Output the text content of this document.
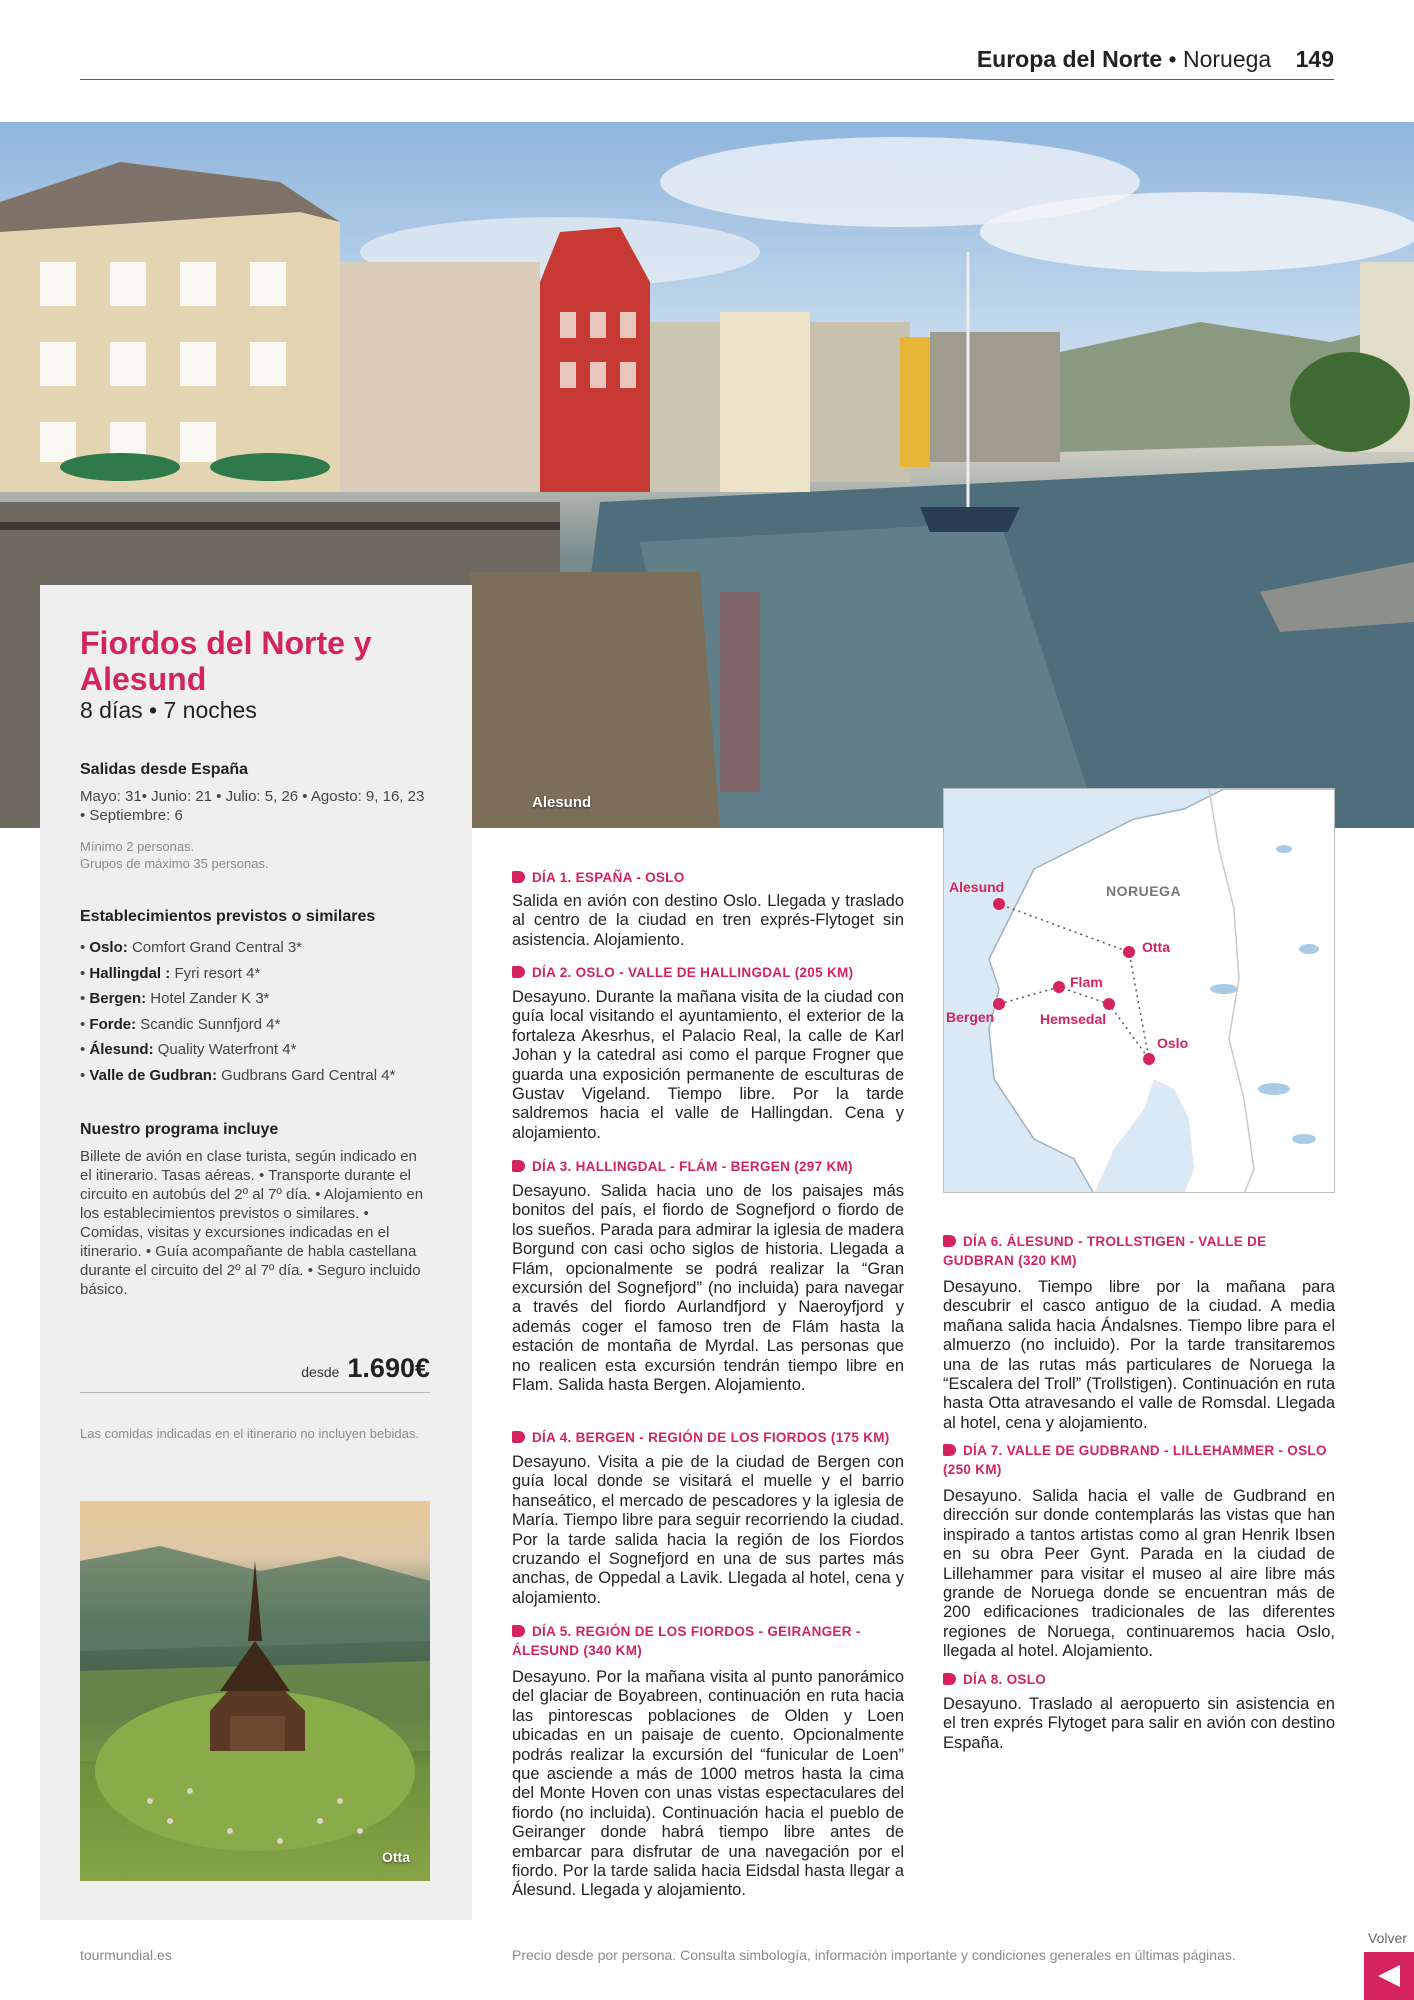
Europa del Norte • Noruega 149
Alesund
Fiordos del Norte y Alesund
8 días • 7 noches
Salidas desde España
Mayo: 31• Junio: 21 • Julio: 5, 26 • Agosto: 9, 16, 23 • Septiembre: 6
Mínimo 2 personas.
Grupos de máximo 35 personas.
Establecimientos previstos o similares
• Oslo: Comfort Grand Central 3*
• Hallingdal : Fyri resort 4*
• Bergen: Hotel Zander K 3*
• Forde: Scandic Sunnfjord 4*
• Álesund: Quality Waterfront 4*
• Valle de Gudbran: Gudbrans Gard Central 4*
Nuestro programa incluye
Billete de avión en clase turista, según indicado en el itinerario. Tasas aéreas. • Transporte durante el circuito en autobús del 2º al 7º día. • Alojamiento en los establecimientos previstos o similares. • Comidas, visitas y excursiones indicadas en el itinerario. • Guía acompañante de habla castellana durante el circuito del 2º al 7º día. • Seguro incluido básico.
desde 1.690€
Las comidas indicadas en el itinerario no incluyen bebidas.
Otta
DÍA 1. ESPAÑA - OSLO
Salida en avión con destino Oslo. Llegada y traslado al centro de la ciudad en tren exprés-Flytoget sin asistencia. Alojamiento.
DÍA 2. OSLO - VALLE DE HALLINGDAL (205 KM)
Desayuno. Durante la mañana visita de la ciudad con guía local visitando el ayuntamiento, el exterior de la fortaleza Akesrhus, el Palacio Real, la calle de Karl Johan y la catedral asi como el parque Frogner que guarda una exposición permanente de esculturas de Gustav Vigeland. Tiempo libre. Por la tarde saldremos hacia el valle de Hallingdan. Cena y alojamiento.
DÍA 3. HALLINGDAL - FLÁM - BERGEN (297 KM)
Desayuno. Salida hacia uno de los paisajes más bonitos del país, el fiordo de Sognefjord o fiordo de los sueños. Parada para admirar la iglesia de madera Borgund con casi ocho siglos de historia. Llegada a Flám, opcionalmente se podrá realizar la “Gran excursión del Sognefjord” (no incluida) para navegar a través del fiordo Aurlandfjord y Naeroyfjord y además coger el famoso tren de Flám hasta la estación de montaña de Myrdal. Las personas que no realicen esta excursión tendrán tiempo libre en Flam. Salida hasta Bergen. Alojamiento.
DÍA 4. BERGEN - REGIÓN DE LOS FIORDOS (175 KM)
Desayuno. Visita a pie de la ciudad de Bergen con guía local donde se visitará el muelle y el barrio hanseático, el mercado de pescadores y la iglesia de María. Tiempo libre para seguir recorriendo la ciudad. Por la tarde salida hacia la región de los Fiordos cruzando el Sognefjord en una de sus partes más anchas, de Oppedal a Lavik. Llegada al hotel, cena y alojamiento.
DÍA 5. REGIÓN DE LOS FIORDOS - GEIRANGER - ÁLESUND (340 KM)
Desayuno. Por la mañana visita al punto panorámico del glaciar de Boyabreen, continuación en ruta hacia las pintorescas poblaciones de Olden y Loen ubicadas en un paisaje de cuento. Opcionalmente podrás realizar la excursión del “funicular de Loen” que asciende a más de 1000 metros hasta la cima del Monte Hoven con unas vistas espectaculares del fiordo (no incluida). Continuación hacia el pueblo de Geiranger donde habrá tiempo libre antes de embarcar para disfrutar de una navegación por el fiordo. Por la tarde salida hacia Eidsdal hasta llegar a Álesund. Llegada y alojamiento.
NORUEGA
Alesund
Otta
Flam
Bergen	Hemsedal
Oslo
DÍA 6. ÁLESUND - TROLLSTIGEN - VALLE DE GUDBRAN (320 KM)
Desayuno. Tiempo libre por la mañana para descubrir el casco antiguo de la ciudad. A media mañana salida hacia Ándalsnes. Tiempo libre para el almuerzo (no incluido). Por la tarde transitaremos una de las rutas más particulares de Noruega la “Escalera del Troll” (Trollstigen). Continuación en ruta hasta Otta atravesando el valle de Romsdal. Llegada al hotel, cena y alojamiento.
DÍA 7. VALLE DE GUDBRAND - LILLEHAMMER - OSLO (250 KM)
Desayuno. Salida hacia el valle de Gudbrand en dirección sur donde contemplarás las vistas que han inspirado a tantos artistas como al gran Henrik Ibsen en su obra Peer Gynt. Parada en la ciudad de Lillehammer para visitar el museo al aire libre más grande de Noruega donde se encuentran más de 200 edificaciones tradicionales de las diferentes regiones de Noruega, continuaremos hacia Oslo, llegada al hotel. Alojamiento.
DÍA 8. OSLO
Desayuno. Traslado al aeropuerto sin asistencia en el tren exprés Flytoget para salir en avión con destino España.
tourmundial.es	Precio desde por persona. Consulta simbología, información importante y condiciones generales en últimas páginas.
Volver
